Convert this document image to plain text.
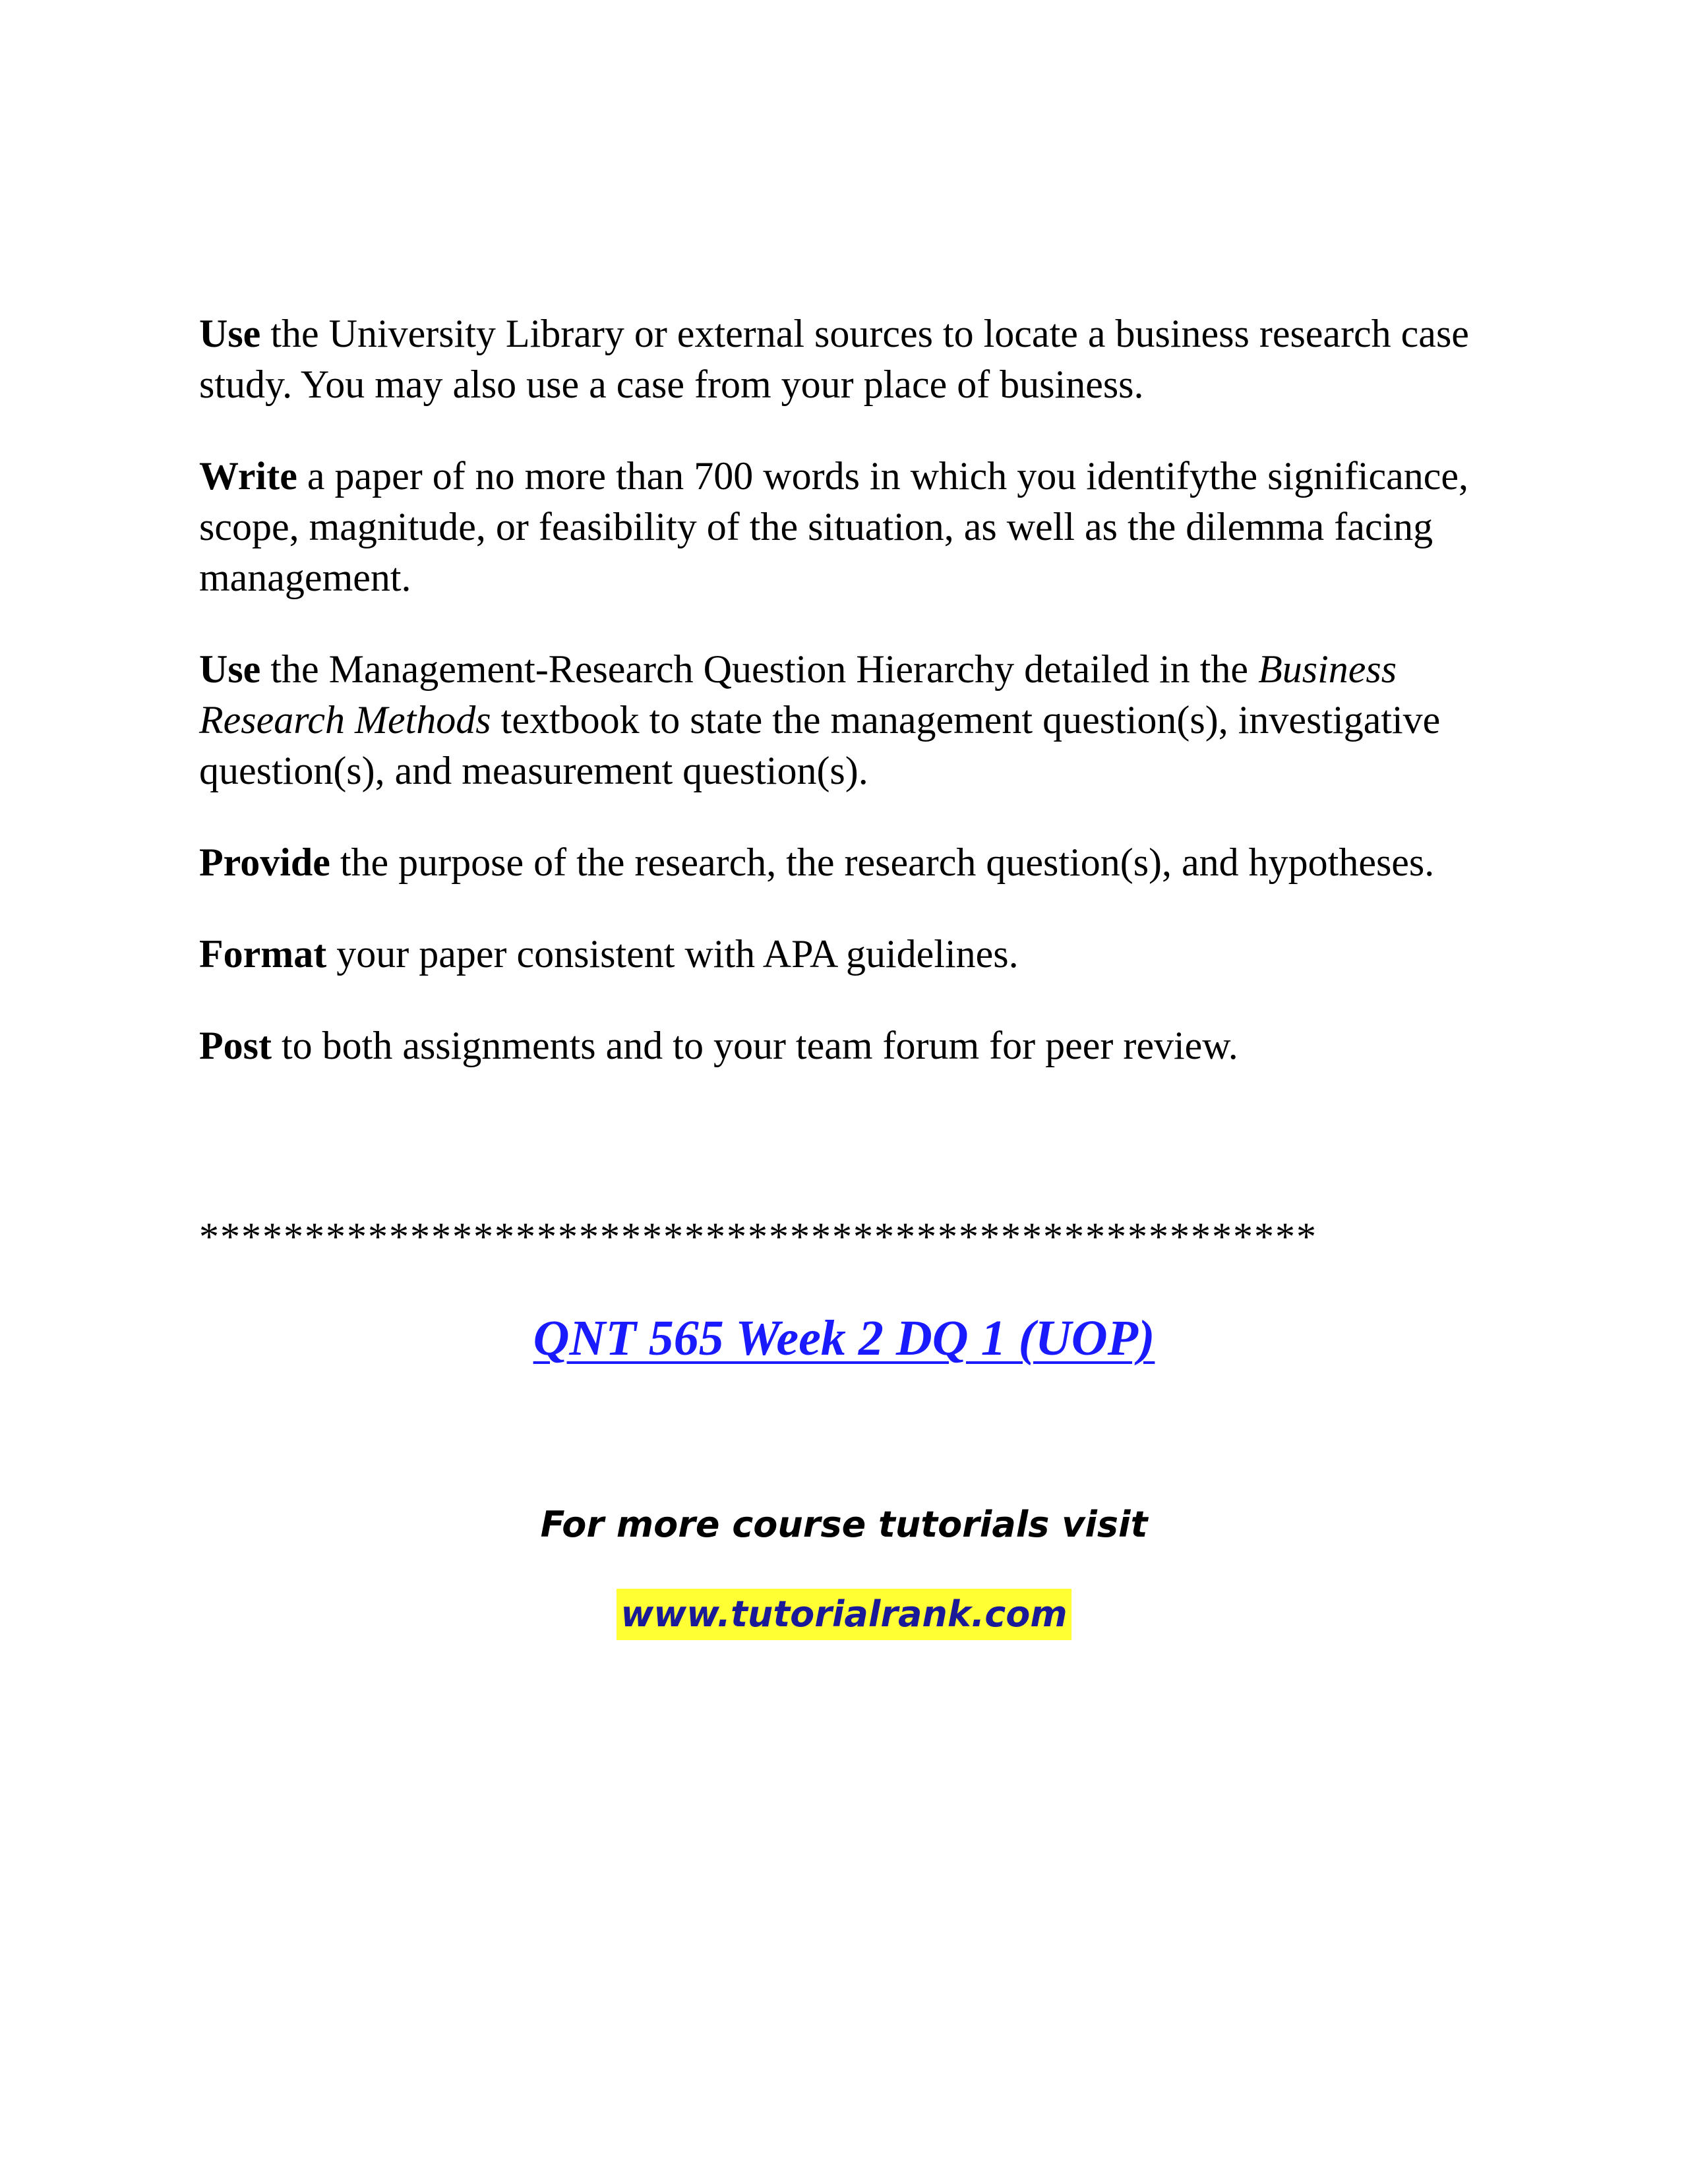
Use the University Library or external sources to locate a business research case study. You may also use a case from your place of business.

Write a paper of no more than 700 words in which you identifythe significance, scope, magnitude, or feasibility of the situation, as well as the dilemma facing management.

Use the Management-Research Question Hierarchy detailed in the Business Research Methods textbook to state the management question(s), investigative question(s), and measurement question(s).

Provide the purpose of the research, the research question(s), and hypotheses.

Format your paper consistent with APA guidelines.

Post to both assignments and to your team forum for peer review.

*****************************************************
QNT 565 Week 2 DQ 1 (UOP)
For more course tutorials visit
www.tutorialrank.com
